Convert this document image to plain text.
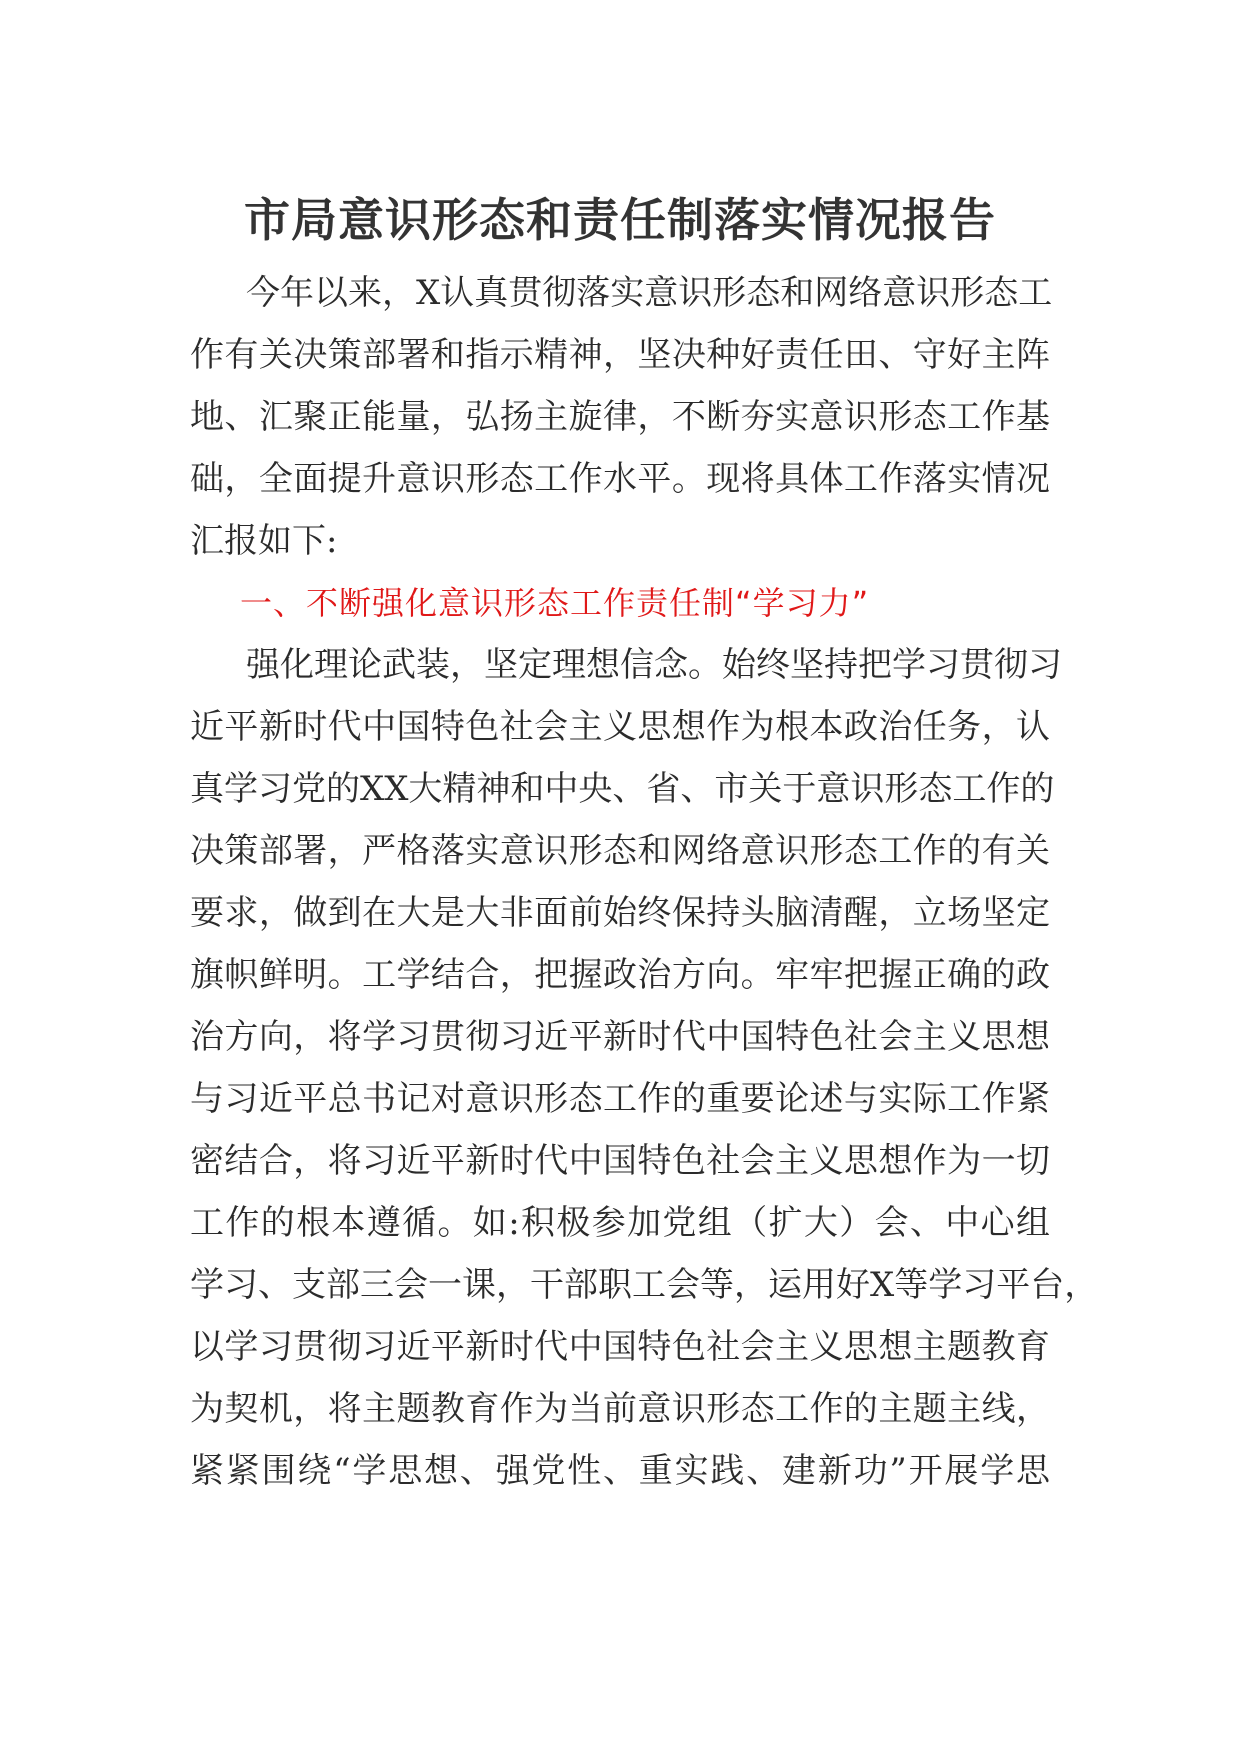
市局意识形态和责任制落实情况报告
今年以来，X认真贯彻落实意识形态和网络意识形态工
作有关决策部署和指示精神，坚决种好责任田、守好主阵
地、汇聚正能量，弘扬主旋律，不断夯实意识形态工作基
础，全面提升意识形态工作水平。现将具体工作落实情况
汇报如下:
一、不断强化意识形态工作责任制“学习力”
强化理论武装，坚定理想信念。始终坚持把学习贯彻习
近平新时代中国特色社会主义思想作为根本政治任务，认
真学习党的XX大精神和中央、省、市关于意识形态工作的
决策部署，严格落实意识形态和网络意识形态工作的有关
要求，做到在大是大非面前始终保持头脑清醒，立场坚定
旗帜鲜明。工学结合，把握政治方向。牢牢把握正确的政
治方向，将学习贯彻习近平新时代中国特色社会主义思想
与习近平总书记对意识形态工作的重要论述与实际工作紧
密结合，将习近平新时代中国特色社会主义思想作为一切
工作的根本遵循。如:积极参加党组（扩大）会、中心组
学习、支部三会一课，干部职工会等，运用好X等学习平台，
以学习贯彻习近平新时代中国特色社会主义思想主题教育
为契机，将主题教育作为当前意识形态工作的主题主线，
紧紧围绕“学思想、强党性、重实践、建新功”开展学思
